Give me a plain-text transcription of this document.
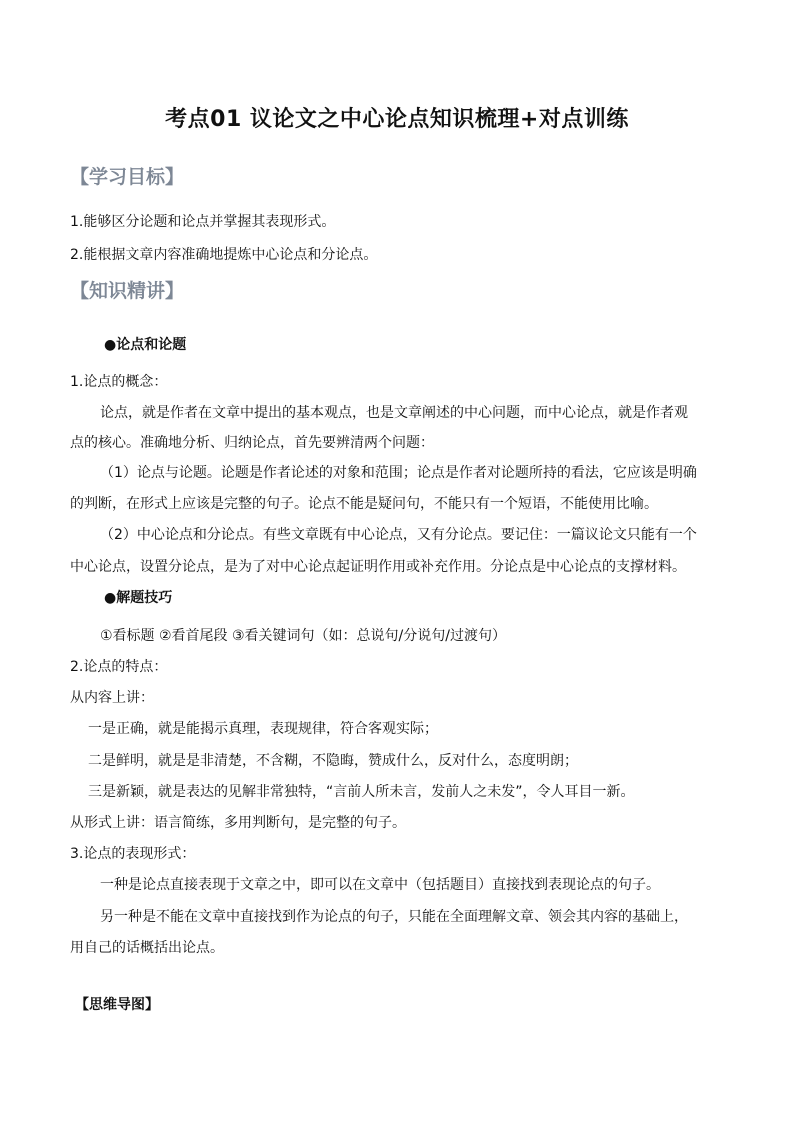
考点01 议论文之中心论点知识梳理+对点训练
【学习目标】
1.能够区分论题和论点并掌握其表现形式。
2.能根据文章内容准确地提炼中心论点和分论点。
【知识精讲】
●论点和论题
1.论点的概念：
论点，就是作者在文章中提出的基本观点，也是文章阐述的中心问题，而中心论点，就是作者观
点的核心。准确地分析、归纳论点，首先要辨清两个问题：
（1）论点与论题。论题是作者论述的对象和范围；论点是作者对论题所持的看法，它应该是明确
的判断，在形式上应该是完整的句子。论点不能是疑问句，不能只有一个短语，不能使用比喻。
（2）中心论点和分论点。有些文章既有中心论点，又有分论点。要记住：一篇议论文只能有一个
中心论点，设置分论点，是为了对中心论点起证明作用或补充作用。分论点是中心论点的支撑材料。
●解题技巧
①看标题 ②看首尾段 ③看关键词句（如：总说句/分说句/过渡句）
2.论点的特点：
从内容上讲：
一是正确，就是能揭示真理，表现规律，符合客观实际；
二是鲜明，就是是非清楚，不含糊，不隐晦，赞成什么，反对什么，态度明朗；
三是新颖，就是表达的见解非常独特，“言前人所未言，发前人之未发”，令人耳目一新。
从形式上讲：语言简练，多用判断句，是完整的句子。
3.论点的表现形式：
一种是论点直接表现于文章之中，即可以在文章中（包括题目）直接找到表现论点的句子。
另一种是不能在文章中直接找到作为论点的句子，只能在全面理解文章、领会其内容的基础上，
用自己的话概括出论点。
【思维导图】
